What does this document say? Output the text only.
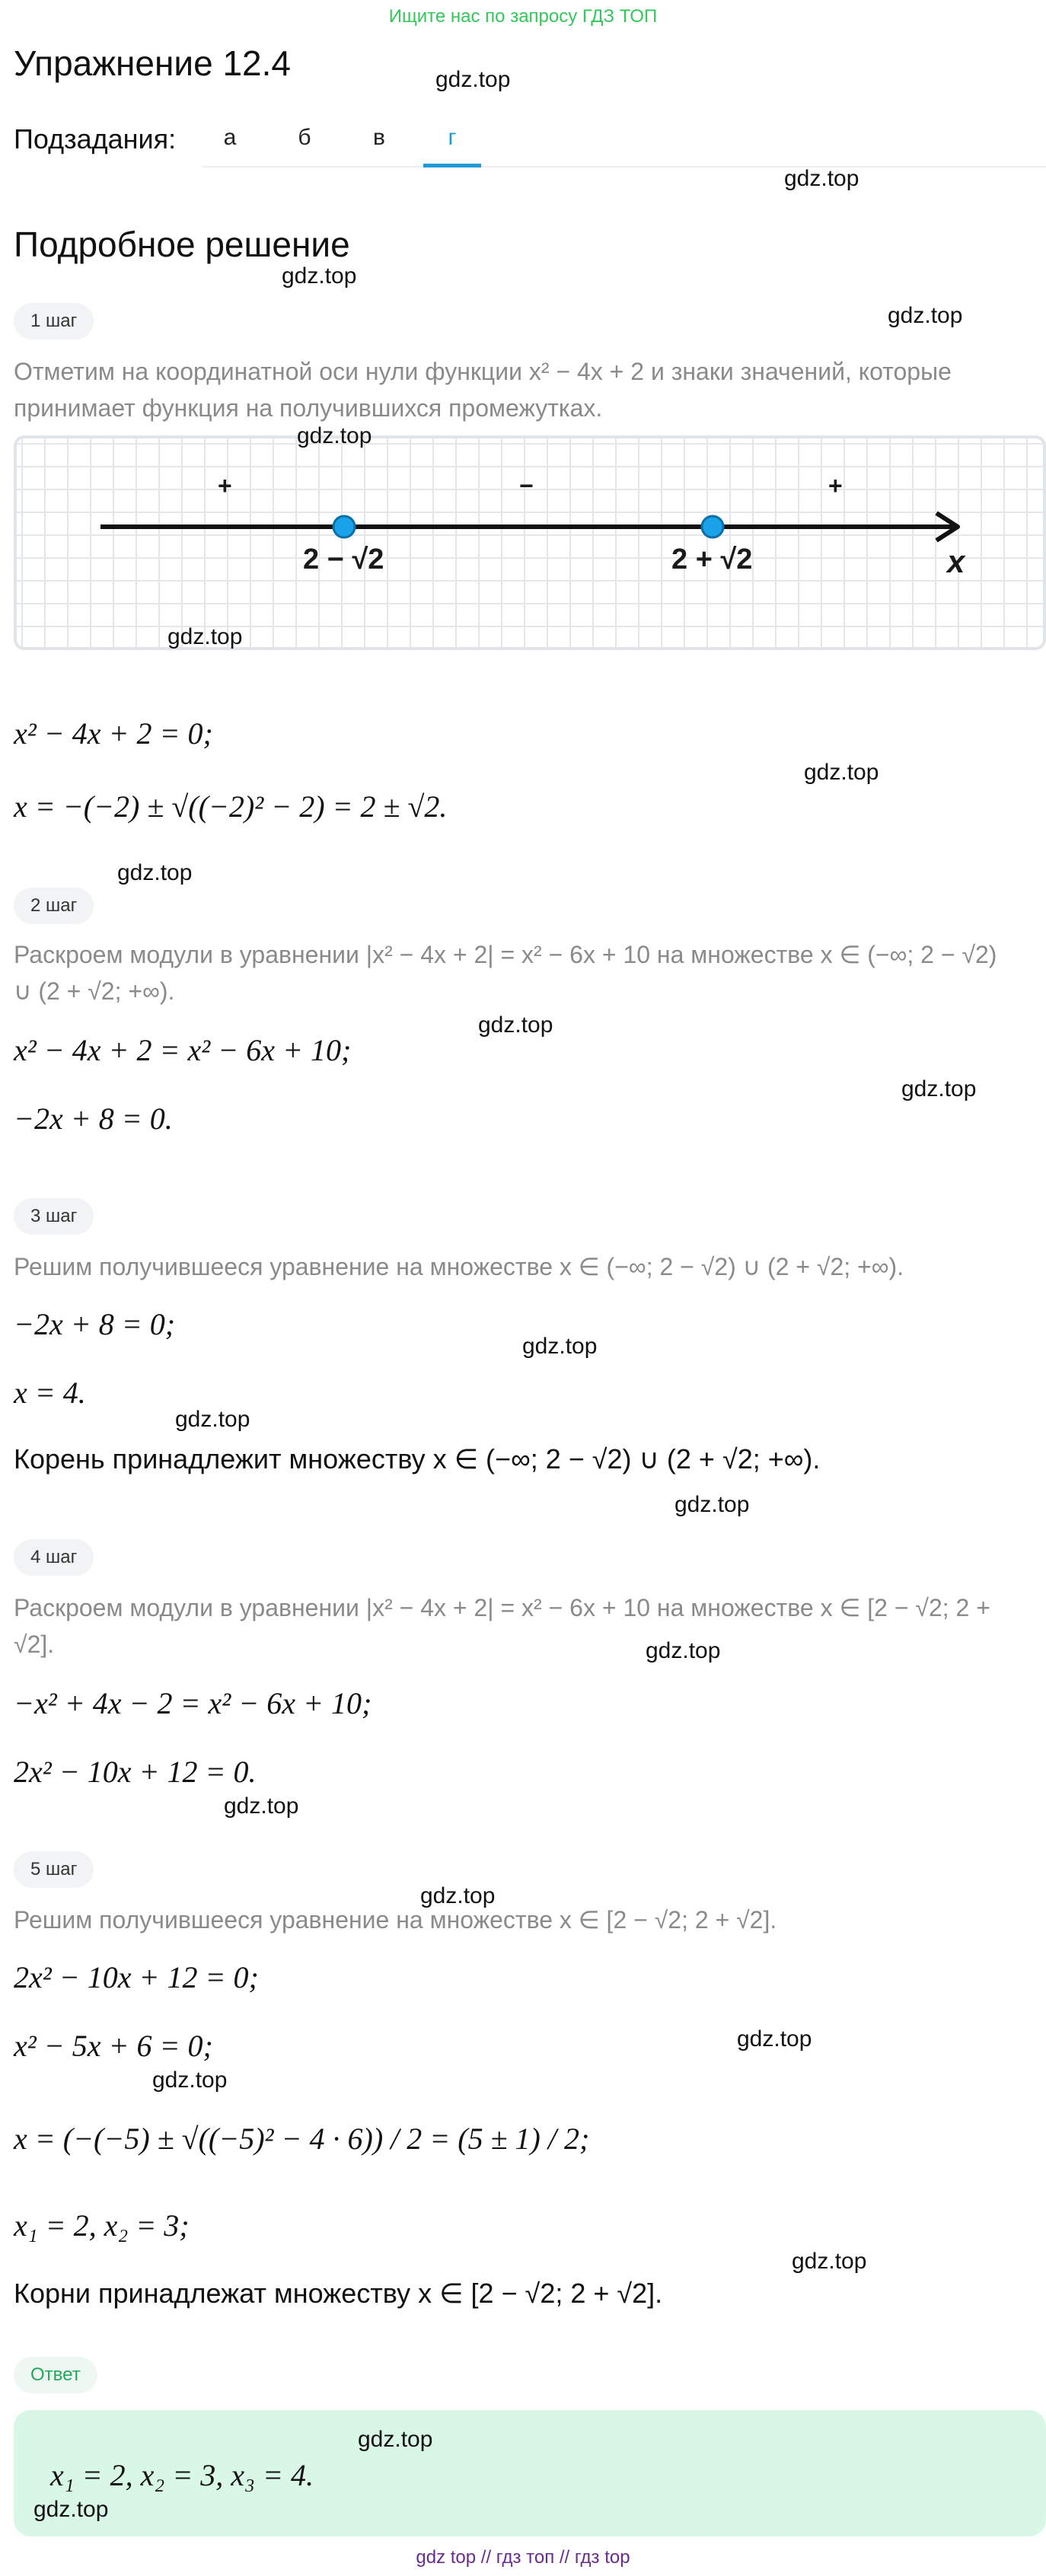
Ищите нас по запросу ГДЗ ТОП
Упражнение 12.4	gdz.top
Подзадания:	а	б	в	г
gdz.top
Подробное решение
gdz.top
1 шаг	gdz.top
Отметим на координатной оси нули функции x² − 4x + 2 и знаки значений, которые принимает функция на получившихся промежутках.
+	−	+
2 − √2	2 + √2	x
gdz.top
gdz.top
x² − 4x + 2 = 0;
x = −(−2) ± √((−2)² − 2) = 2 ± √2.
gdz.top
gdz.top
2 шаг
Раскроем модули в уравнении |x² − 4x + 2| = x² − 6x + 10 на множестве x ∈ (−∞; 2 − √2) ∪ (2 + √2; +∞).
gdz.top
x² − 4x + 2 = x² − 6x + 10;
gdz.top
−2x + 8 = 0.
3 шаг
Решим получившееся уравнение на множестве x ∈ (−∞; 2 − √2) ∪ (2 + √2; +∞).
−2x + 8 = 0;
gdz.top
x = 4.
gdz.top
Корень принадлежит множеству x ∈ (−∞; 2 − √2) ∪ (2 + √2; +∞).
gdz.top
4 шаг
Раскроем модули в уравнении |x² − 4x + 2| = x² − 6x + 10 на множестве x ∈ [2 − √2; 2 + √2].	gdz.top
−x² + 4x − 2 = x² − 6x + 10;
2x² − 10x + 12 = 0.
gdz.top
5 шаг
gdz.top
Решим получившееся уравнение на множестве x ∈ [2 − √2; 2 + √2].
2x² − 10x + 12 = 0;
x² − 5x + 6 = 0;	gdz.top
gdz.top
x = (−(−5) ± √((−5)² − 4 · 6)) / 2 = (5 ± 1) / 2;
x₁ = 2, x₂ = 3;
gdz.top
Корни принадлежат множеству x ∈ [2 − √2; 2 + √2].
Ответ
gdz.top
x₁ = 2, x₂ = 3, x₃ = 4.
gdz.top
gdz top // гдз топ // гдз top
